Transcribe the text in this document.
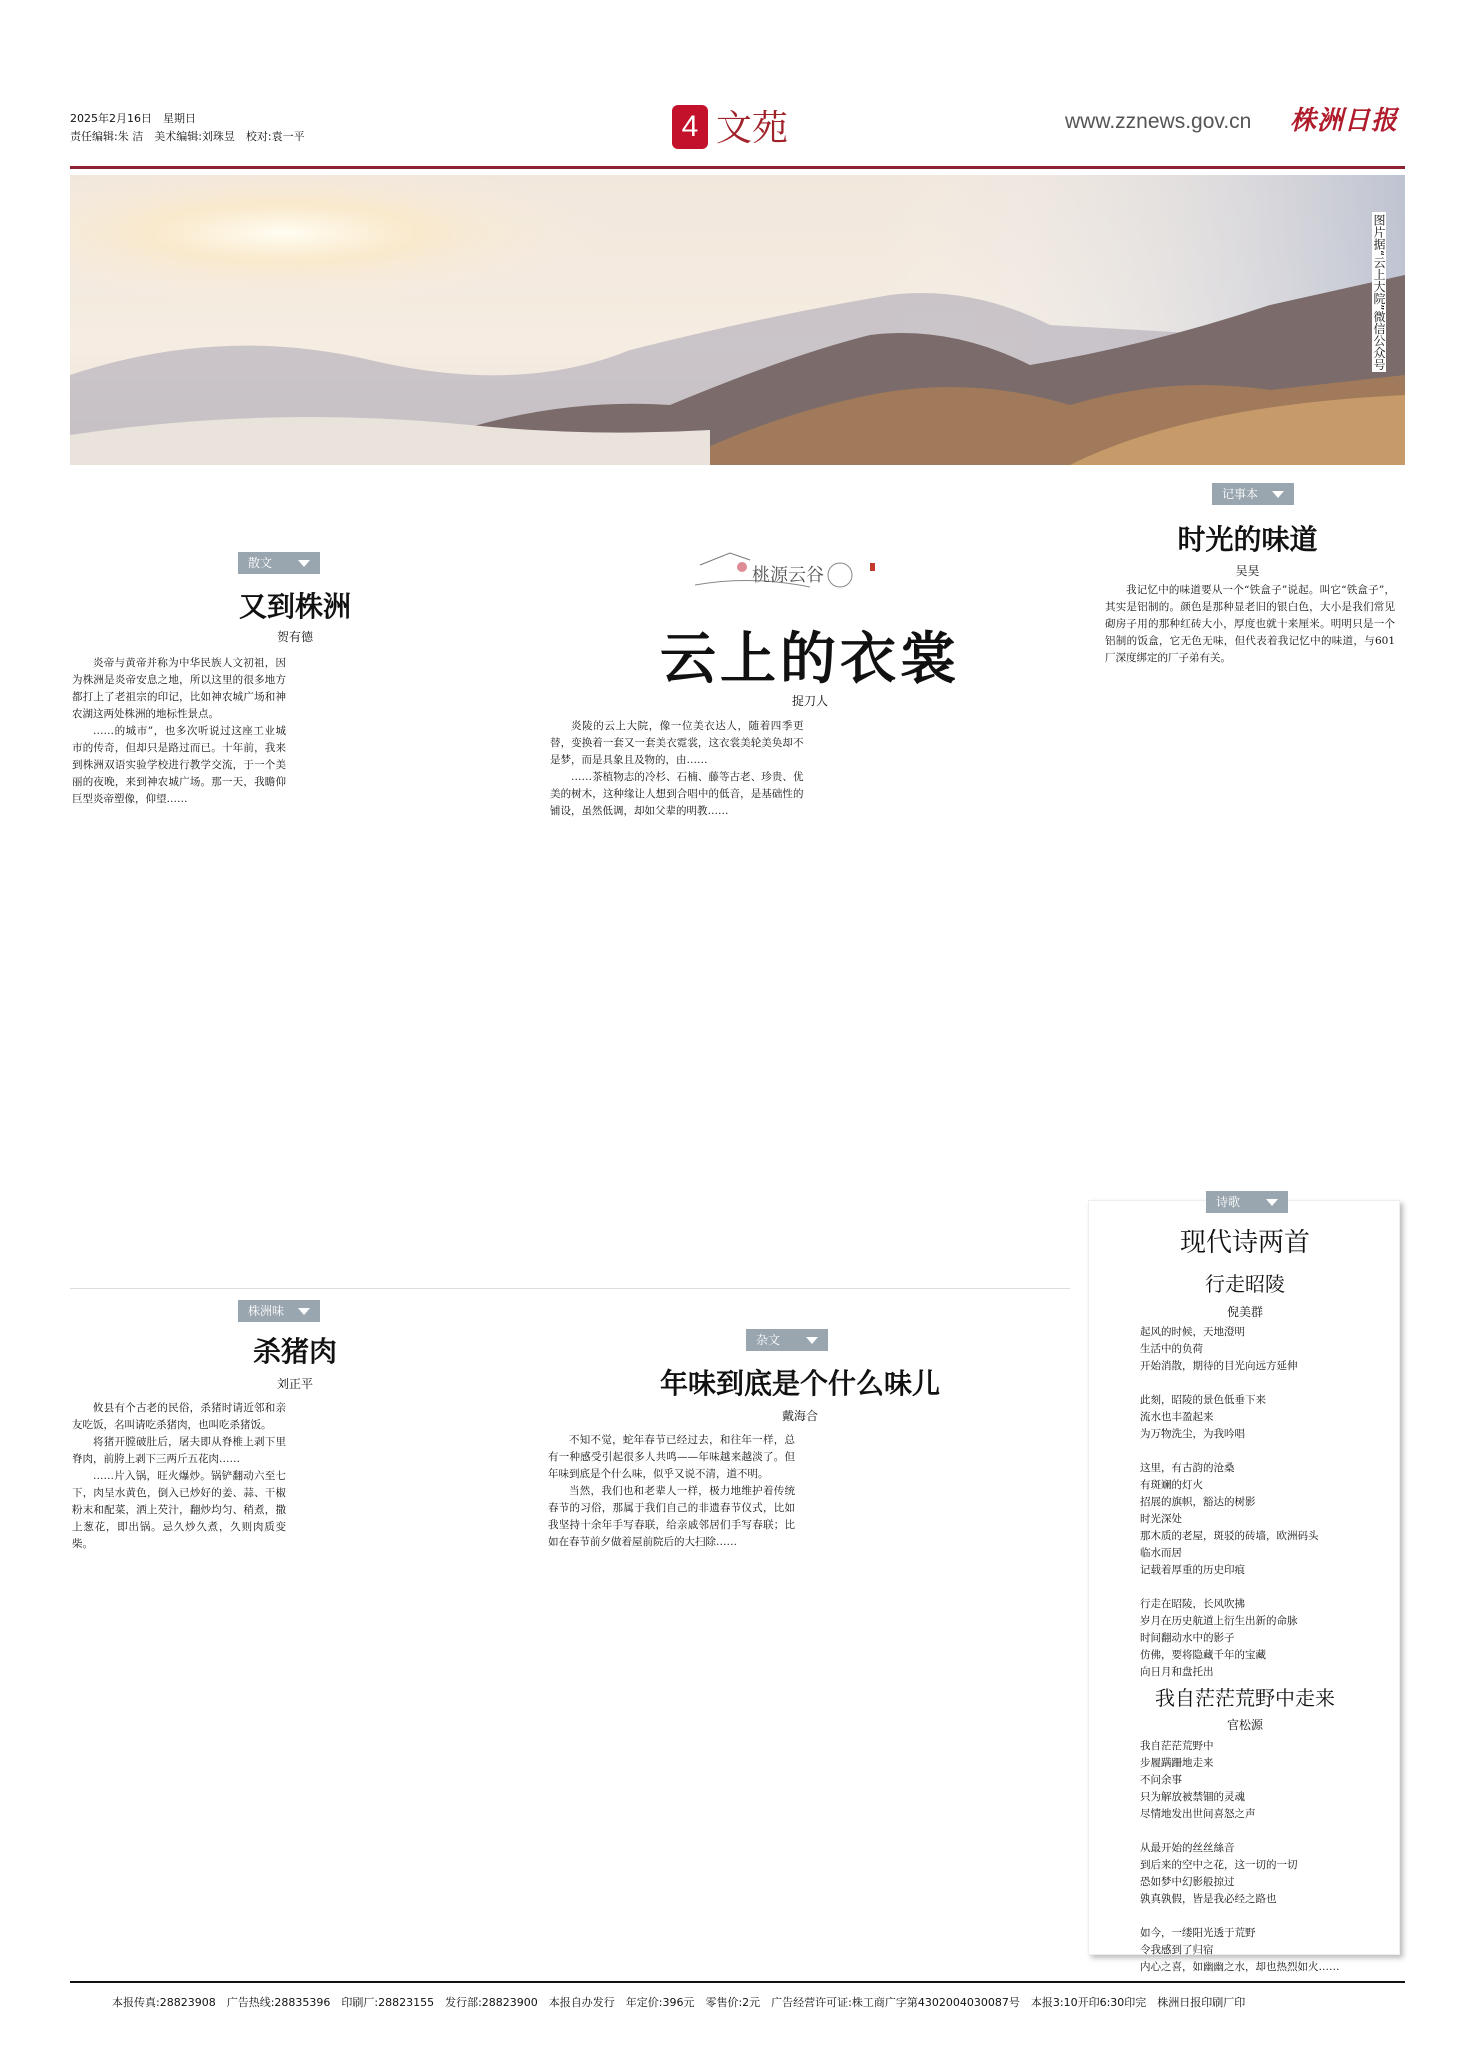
2025年2月16日　星期日
责任编辑:朱 洁　美术编辑:刘珠昱　校对:袁一平	4 文苑	www.zznews.gov.cn 株洲日报
图片据“云上大院”微信公众号
散文
又到株洲
贺有德

炎帝与黄帝并称为中华民族人文初祖，因为株洲是炎帝安息之地，所以这里的很多地方都打上了老祖宗的印记，比如神农城广场和神农湖这两处株洲的地标性景点。

……的城市”，也多次听说过这座工业城市的传奇，但却只是路过而已。十年前，我来到株洲双语实验学校进行教学交流，于一个美丽的夜晚，来到神农城广场。那一天，我瞻仰巨型炎帝塑像，仰望……

桃源云谷
云上的衣裳
捉刀人

炎陵的云上大院，像一位美衣达人，随着四季更替，变换着一套又一套美衣霓裳，这衣裳美轮美奂却不是梦，而是具象且及物的，由……

……茶植物志的冷杉、石楠、藤等古老、珍贵、优美的树木，这种缘让人想到合唱中的低音，是基础性的铺设，虽然低调，却如父辈的明教……

记事本
时光的味道
吴昊

我记忆中的味道要从一个“铁盒子”说起。叫它“铁盒子”，其实是铝制的。颜色是那种显老旧的银白色，大小是我们常见砌房子用的那种红砖大小，厚度也就十来厘米。明明只是一个铝制的饭盒，它无色无味，但代表着我记忆中的味道，与601厂深度绑定的厂子弟有关。

株洲味
杀猪肉
刘正平

攸县有个古老的民俗，杀猪时请近邻和亲友吃饭，名叫请吃杀猪肉，也叫吃杀猪饭。

将猪开膛破肚后，屠夫即从脊椎上剥下里脊肉，前胯上剥下三两斤五花肉……

……片入锅，旺火爆炒。锅铲翻动六至七下，肉呈水黄色，倒入已炒好的姜、蒜、干椒粉末和配菜，洒上芡汁，翻炒均匀、稍煮，撒上葱花，即出锅。忌久炒久煮，久则肉质变柴。

杂文
年味到底是个什么味儿
戴海合

不知不觉，蛇年春节已经过去，和往年一样，总有一种感受引起很多人共鸣——年味越来越淡了。但年味到底是个什么味，似乎又说不清，道不明。

当然，我们也和老辈人一样，极力地维护着传统春节的习俗，那属于我们自己的非遗春节仪式，比如我坚持十余年手写春联，给亲戚邻居们手写春联；比如在春节前夕做着屋前院后的大扫除……

诗歌
现代诗两首
行走昭陵
倪美群
起风的时候，天地澄明
生活中的负荷
开始消散，期待的目光向远方延伸
此刻，昭陵的景色低垂下来
流水也丰盈起来
为万物洗尘，为我吟唱
这里，有古韵的沧桑
有斑斓的灯火
招展的旗帜，豁达的树影
时光深处
那木质的老屋，斑驳的砖墙，欧洲码头
临水而居
记载着厚重的历史印痕
行走在昭陵，长风吹拂
岁月在历史航道上衍生出新的命脉
时间翻动水中的影子
仿佛，要将隐藏千年的宝藏
向日月和盘托出
我自茫茫荒野中走来
官松源
我自茫茫荒野中
步履蹒跚地走来
不问余事
只为解放被禁锢的灵魂
尽情地发出世间喜怒之声
从最开始的丝丝絲音
到后来的空中之花，这一切的一切
恐如梦中幻影般掠过
孰真孰假，皆是我必经之路也
如今，一缕阳光透于荒野
令我感到了归宿
内心之喜，如幽幽之水，却也热烈如火……
本报传真:28823908　广告热线:28835396　印刷厂:28823155　发行部:28823900　本报自办发行　年定价:396元　零售价:2元　广告经营许可证:株工商广字第4302004030087号　本报3:10开印6:30印完　株洲日报印刷厂印
